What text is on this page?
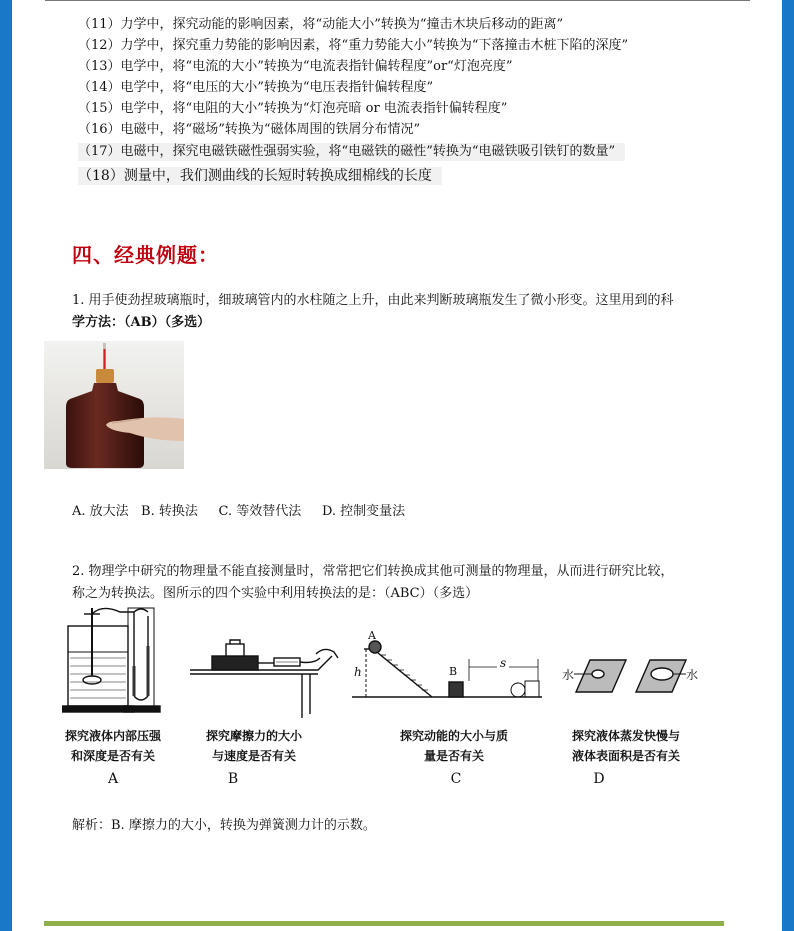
（11）力学中，探究动能的影响因素，将“动能大小”转换为“撞击木块后移动的距离”
（12）力学中，探究重力势能的影响因素，将“重力势能大小”转换为“下落撞击木桩下陷的深度”
（13）电学中，将“电流的大小”转换为“电流表指针偏转程度”or“灯泡亮度”
（14）电学中，将“电压的大小”转换为“电压表指针偏转程度”
（15）电学中，将“电阻的大小”转换为“灯泡亮暗 or 电流表指针偏转程度”
（16）电磁中，将“磁场”转换为“磁体周围的铁屑分布情况”
（17）电磁中，探究电磁铁磁性强弱实验，将“电磁铁的磁性”转换为“电磁铁吸引铁钉的数量”
（18）测量中，我们测曲线的长短时转换成细棉线的长度
四、经典例题：
1. 用手使劲捏玻璃瓶时，细玻璃管内的水柱随之上升，由此来判断玻璃瓶发生了微小形变。这里用到的科
学方法：（AB）（多选）
A. 放大法   B. 转换法     C. 等效替代法     D. 控制变量法
2. 物理学中研究的物理量不能直接测量时，常常把它们转换成其他可测量的物理量，从而进行研究比较，
称之为转换法。图所示的四个实验中利用转换法的是：（ABC）（多选）
A
h	B
s
水	水
探究液体内部压强
和深度是否有关
探究摩擦力的大小
与速度是否有关
探究动能的大小与质
量是否有关
探究液体蒸发快慢与
液体表面积是否有关
A	B	C	D
解析：B. 摩擦力的大小，转换为弹簧测力计的示数。
